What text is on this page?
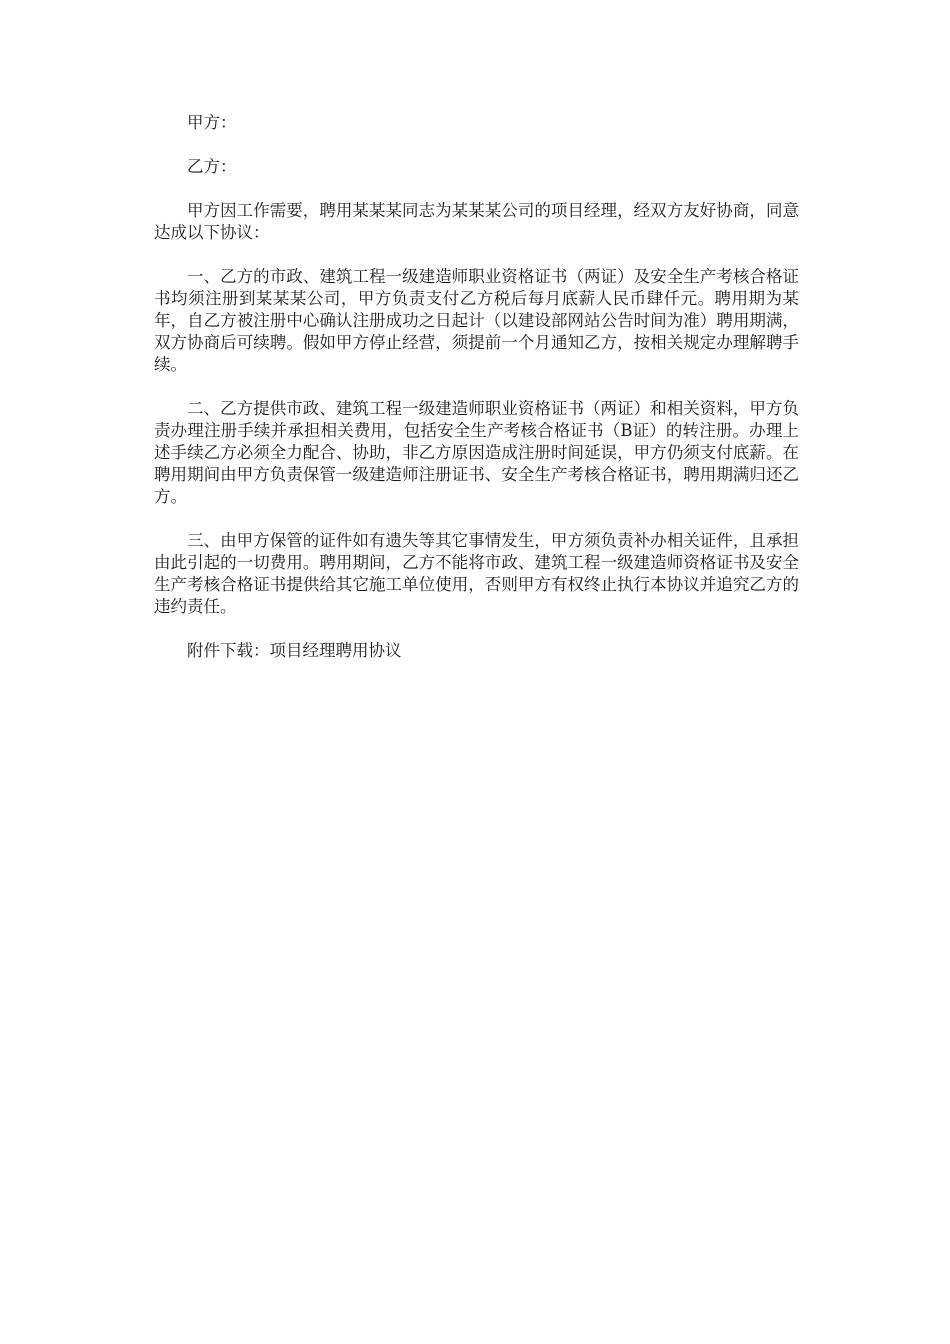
甲方：

乙方：

甲方因工作需要，聘用某某某同志为某某某公司的项目经理，经双方友好协商，同意达成以下协议：

一、乙方的市政、建筑工程一级建造师职业资格证书（两证）及安全生产考核合格证书均须注册到某某某公司，甲方负责支付乙方税后每月底薪人民币肆仟元。聘用期为某年，自乙方被注册中心确认注册成功之日起计（以建设部网站公告时间为准）聘用期满，双方协商后可续聘。假如甲方停止经营，须提前一个月通知乙方，按相关规定办理解聘手续。

二、乙方提供市政、建筑工程一级建造师职业资格证书（两证）和相关资料，甲方负责办理注册手续并承担相关费用，包括安全生产考核合格证书（B证）的转注册。办理上述手续乙方必须全力配合、协助，非乙方原因造成注册时间延误，甲方仍须支付底薪。在聘用期间由甲方负责保管一级建造师注册证书、安全生产考核合格证书，聘用期满归还乙方。

三、由甲方保管的证件如有遗失等其它事情发生，甲方须负责补办相关证件，且承担由此引起的一切费用。聘用期间，乙方不能将市政、建筑工程一级建造师资格证书及安全生产考核合格证书提供给其它施工单位使用，否则甲方有权终止执行本协议并追究乙方的违约责任。

附件下载：项目经理聘用协议
